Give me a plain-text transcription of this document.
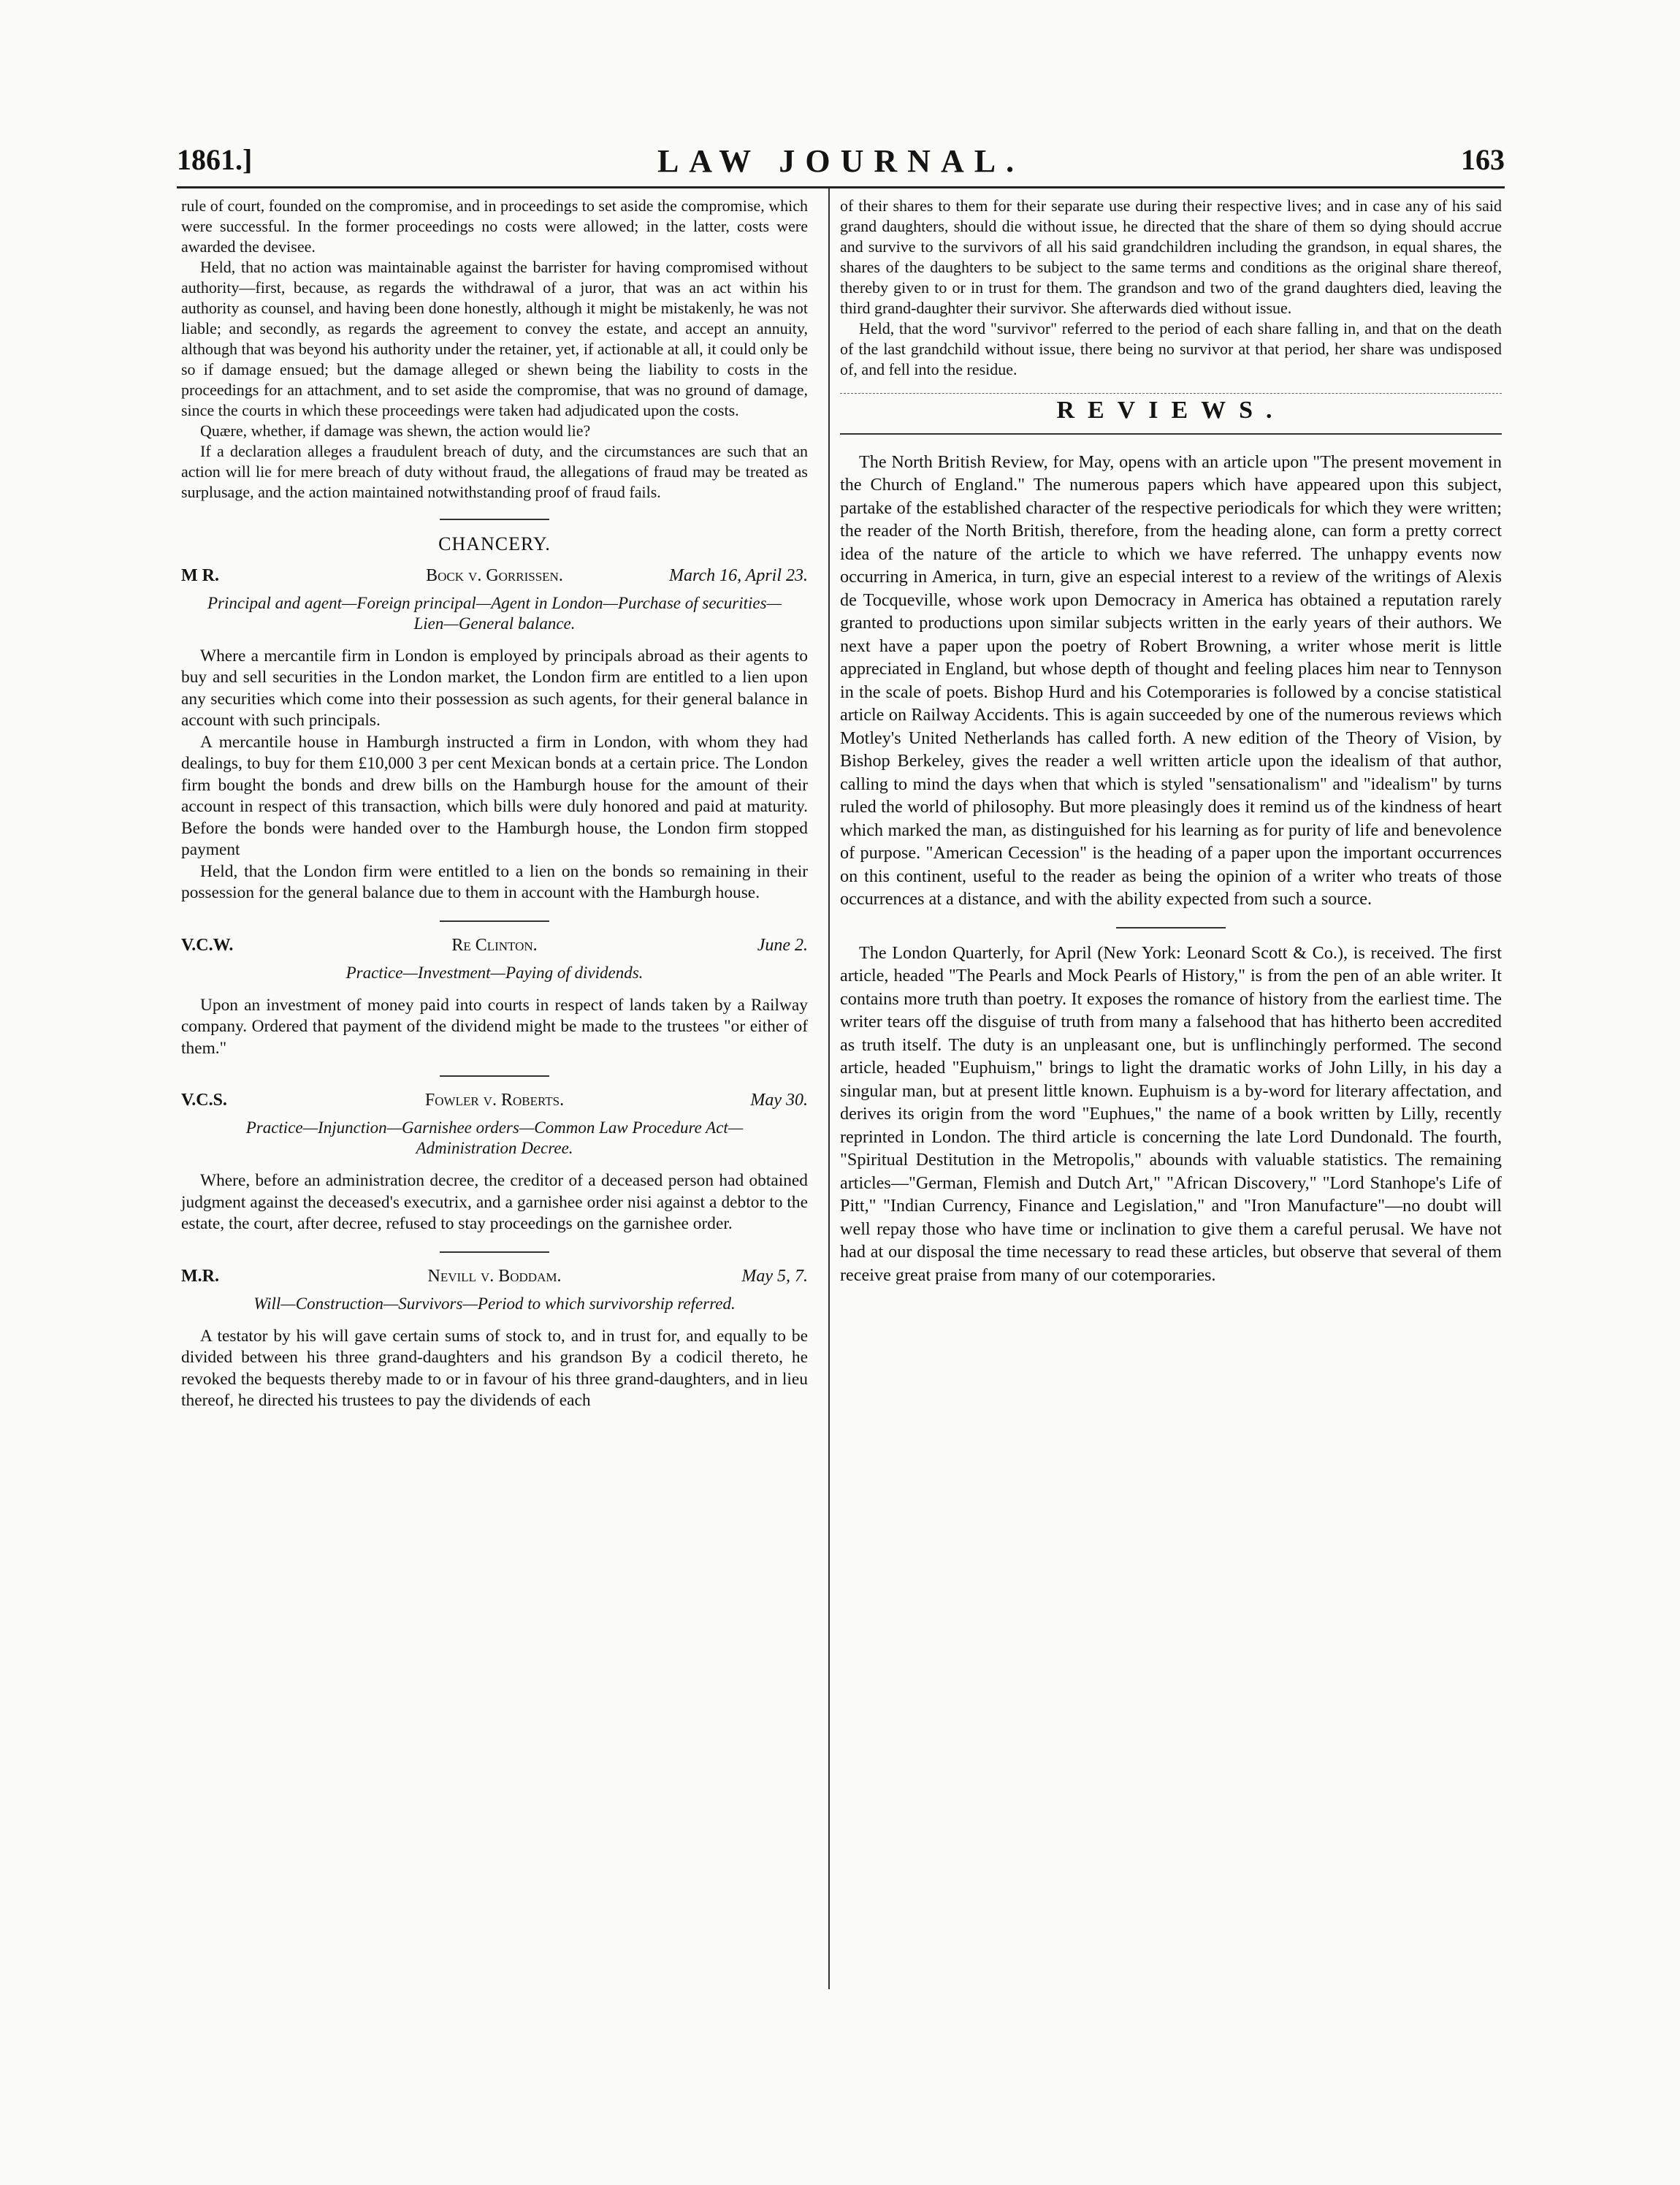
1861.]	LAW JOURNAL.	163

rule of court, founded on the compromise, and in proceedings to set aside the compromise, which were successful. In the former proceedings no costs were allowed; in the latter, costs were awarded the devisee.

Held, that no action was maintainable against the barrister for having compromised without authority—first, because, as regards the withdrawal of a juror, that was an act within his authority as counsel, and having been done honestly, although it might be mistakenly, he was not liable; and secondly, as regards the agreement to convey the estate, and accept an annuity, although that was beyond his authority under the retainer, yet, if actionable at all, it could only be so if damage ensued; but the damage alleged or shewn being the liability to costs in the proceedings for an attachment, and to set aside the compromise, that was no ground of damage, since the courts in which these proceedings were taken had adjudicated upon the costs.

Quære, whether, if damage was shewn, the action would lie?

If a declaration alleges a fraudulent breach of duty, and the circumstances are such that an action will lie for mere breach of duty without fraud, the allegations of fraud may be treated as surplusage, and the action maintained notwithstanding proof of fraud fails.

CHANCERY.
M R.	Bock v. Gorrissen.	March 16, April 23.
Principal and agent—Foreign principal—Agent in London—Purchase of securities—Lien—General balance.

Where a mercantile firm in London is employed by principals abroad as their agents to buy and sell securities in the London market, the London firm are entitled to a lien upon any securities which come into their possession as such agents, for their general balance in account with such principals.

A mercantile house in Hamburgh instructed a firm in London, with whom they had dealings, to buy for them £10,000 3 per cent Mexican bonds at a certain price. The London firm bought the bonds and drew bills on the Hamburgh house for the amount of their account in respect of this transaction, which bills were duly honored and paid at maturity. Before the bonds were handed over to the Hamburgh house, the London firm stopped payment

Held, that the London firm were entitled to a lien on the bonds so remaining in their possession for the general balance due to them in account with the Hamburgh house.

V.C.W.	Re Clinton.	June 2.
Practice—Investment—Paying of dividends.

Upon an investment of money paid into courts in respect of lands taken by a Railway company. Ordered that payment of the dividend might be made to the trustees "or either of them."

V.C.S.	Fowler v. Roberts.	May 30.
Practice—Injunction—Garnishee orders—Common Law Procedure Act—Administration Decree.

Where, before an administration decree, the creditor of a deceased person had obtained judgment against the deceased's executrix, and a garnishee order nisi against a debtor to the estate, the court, after decree, refused to stay proceedings on the garnishee order.

M.R.	Nevill v. Boddam.	May 5, 7.
Will—Construction—Survivors—Period to which survivorship referred.

A testator by his will gave certain sums of stock to, and in trust for, and equally to be divided between his three grand-daughters and his grandson By a codicil thereto, he revoked the bequests thereby made to or in favour of his three grand-daughters, and in lieu thereof, he directed his trustees to pay the dividends of each

of their shares to them for their separate use during their respective lives; and in case any of his said grand daughters, should die without issue, he directed that the share of them so dying should accrue and survive to the survivors of all his said grandchildren including the grandson, in equal shares, the shares of the daughters to be subject to the same terms and conditions as the original share thereof, thereby given to or in trust for them. The grandson and two of the grand daughters died, leaving the third grand-daughter their survivor. She afterwards died without issue.

Held, that the word "survivor" referred to the period of each share falling in, and that on the death of the last grandchild without issue, there being no survivor at that period, her share was undisposed of, and fell into the residue.

REVIEWS.

The North British Review, for May, opens with an article upon "The present movement in the Church of England." The numerous papers which have appeared upon this subject, partake of the established character of the respective periodicals for which they were written; the reader of the North British, therefore, from the heading alone, can form a pretty correct idea of the nature of the article to which we have referred. The unhappy events now occurring in America, in turn, give an especial interest to a review of the writings of Alexis de Tocqueville, whose work upon Democracy in America has obtained a reputation rarely granted to productions upon similar subjects written in the early years of their authors. We next have a paper upon the poetry of Robert Browning, a writer whose merit is little appreciated in England, but whose depth of thought and feeling places him near to Tennyson in the scale of poets. Bishop Hurd and his Cotemporaries is followed by a concise statistical article on Railway Accidents. This is again succeeded by one of the numerous reviews which Motley's United Netherlands has called forth. A new edition of the Theory of Vision, by Bishop Berkeley, gives the reader a well written article upon the idealism of that author, calling to mind the days when that which is styled "sensationalism" and "idealism" by turns ruled the world of philosophy. But more pleasingly does it remind us of the kindness of heart which marked the man, as distinguished for his learning as for purity of life and benevolence of purpose. "American Cecession" is the heading of a paper upon the important occurrences on this continent, useful to the reader as being the opinion of a writer who treats of those occurrences at a distance, and with the ability expected from such a source.

The London Quarterly, for April (New York: Leonard Scott & Co.), is received. The first article, headed "The Pearls and Mock Pearls of History," is from the pen of an able writer. It contains more truth than poetry. It exposes the romance of history from the earliest time. The writer tears off the disguise of truth from many a falsehood that has hitherto been accredited as truth itself. The duty is an unpleasant one, but is unflinchingly performed. The second article, headed "Euphuism," brings to light the dramatic works of John Lilly, in his day a singular man, but at present little known. Euphuism is a by-word for literary affectation, and derives its origin from the word "Euphues," the name of a book written by Lilly, recently reprinted in London. The third article is concerning the late Lord Dundonald. The fourth, "Spiritual Destitution in the Metropolis," abounds with valuable statistics. The remaining articles—"German, Flemish and Dutch Art," "African Discovery," "Lord Stanhope's Life of Pitt," "Indian Currency, Finance and Legislation," and "Iron Manufacture"—no doubt will well repay those who have time or inclination to give them a careful perusal. We have not had at our disposal the time necessary to read these articles, but observe that several of them receive great praise from many of our cotemporaries.
